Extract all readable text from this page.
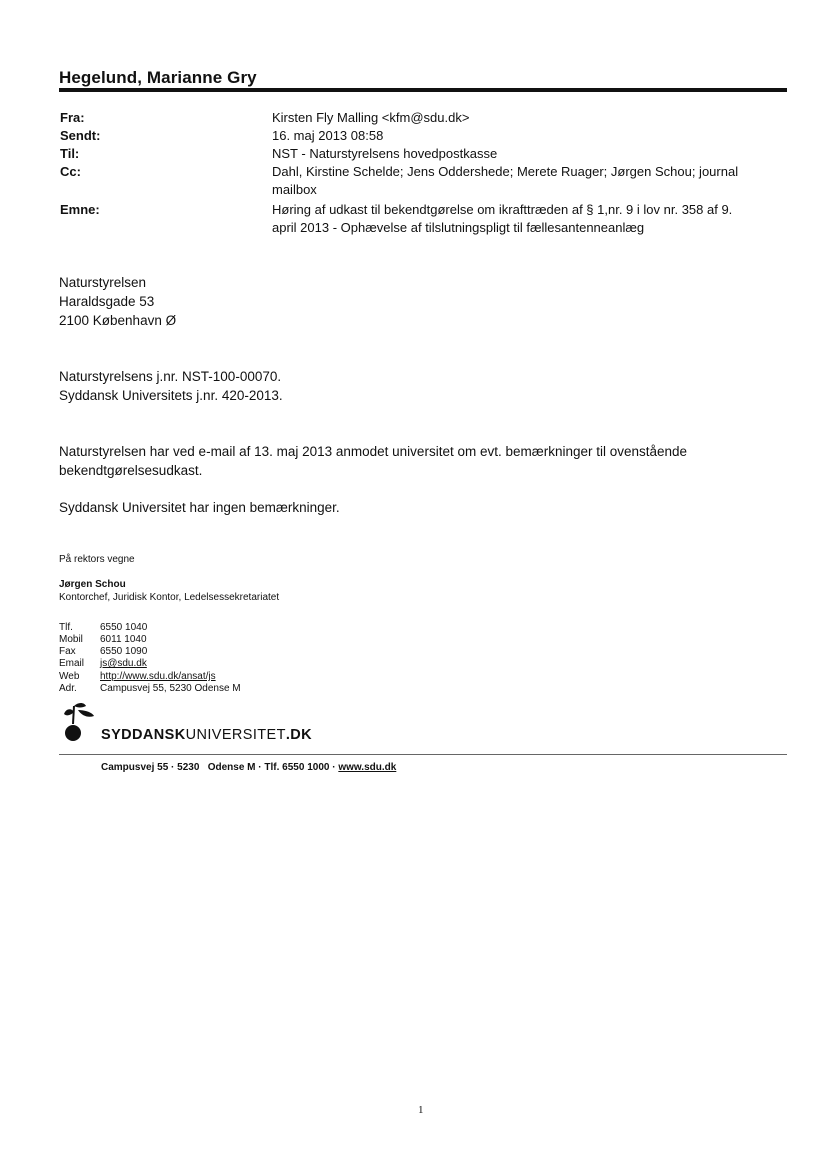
Hegelund, Marianne Gry
Fra:	Kirsten Fly Malling <kfm@sdu.dk>
Sendt:	16. maj 2013 08:58
Til:	NST - Naturstyrelsens hovedpostkasse
Cc:	Dahl, Kirstine Schelde; Jens Oddershede; Merete Ruager; Jørgen Schou; journal
mailbox
Emne:	Høring af udkast til bekendtgørelse om ikrafttræden af § 1,nr. 9 i lov nr. 358 af 9.
april 2013 - Ophævelse af tilslutningspligt til fællesantenneanlæg
Naturstyrelsen
Haraldsgade 53
2100 København Ø
Naturstyrelsens j.nr. NST-100-00070.
Syddansk Universitets j.nr. 420-2013.
Naturstyrelsen har ved e-mail af 13. maj 2013 anmodet universitet om evt. bemærkninger til ovenstående
bekendtgørelsesudkast.
Syddansk Universitet har ingen bemærkninger.
På rektors vegne
Jørgen Schou
Kontorchef, Juridisk Kontor, Ledelsessekretariatet
Tlf.	6550 1040
Mobil	6011 1040
Fax	6550 1090
Email	js@sdu.dk
Web	http://www.sdu.dk/ansat/js
Adr.	Campusvej 55, 5230 Odense M
SYDDANSKUNIVERSITET.DK
Campusvej 55 · 5230   Odense M · Tlf. 6550 1000 · www.sdu.dk
1
